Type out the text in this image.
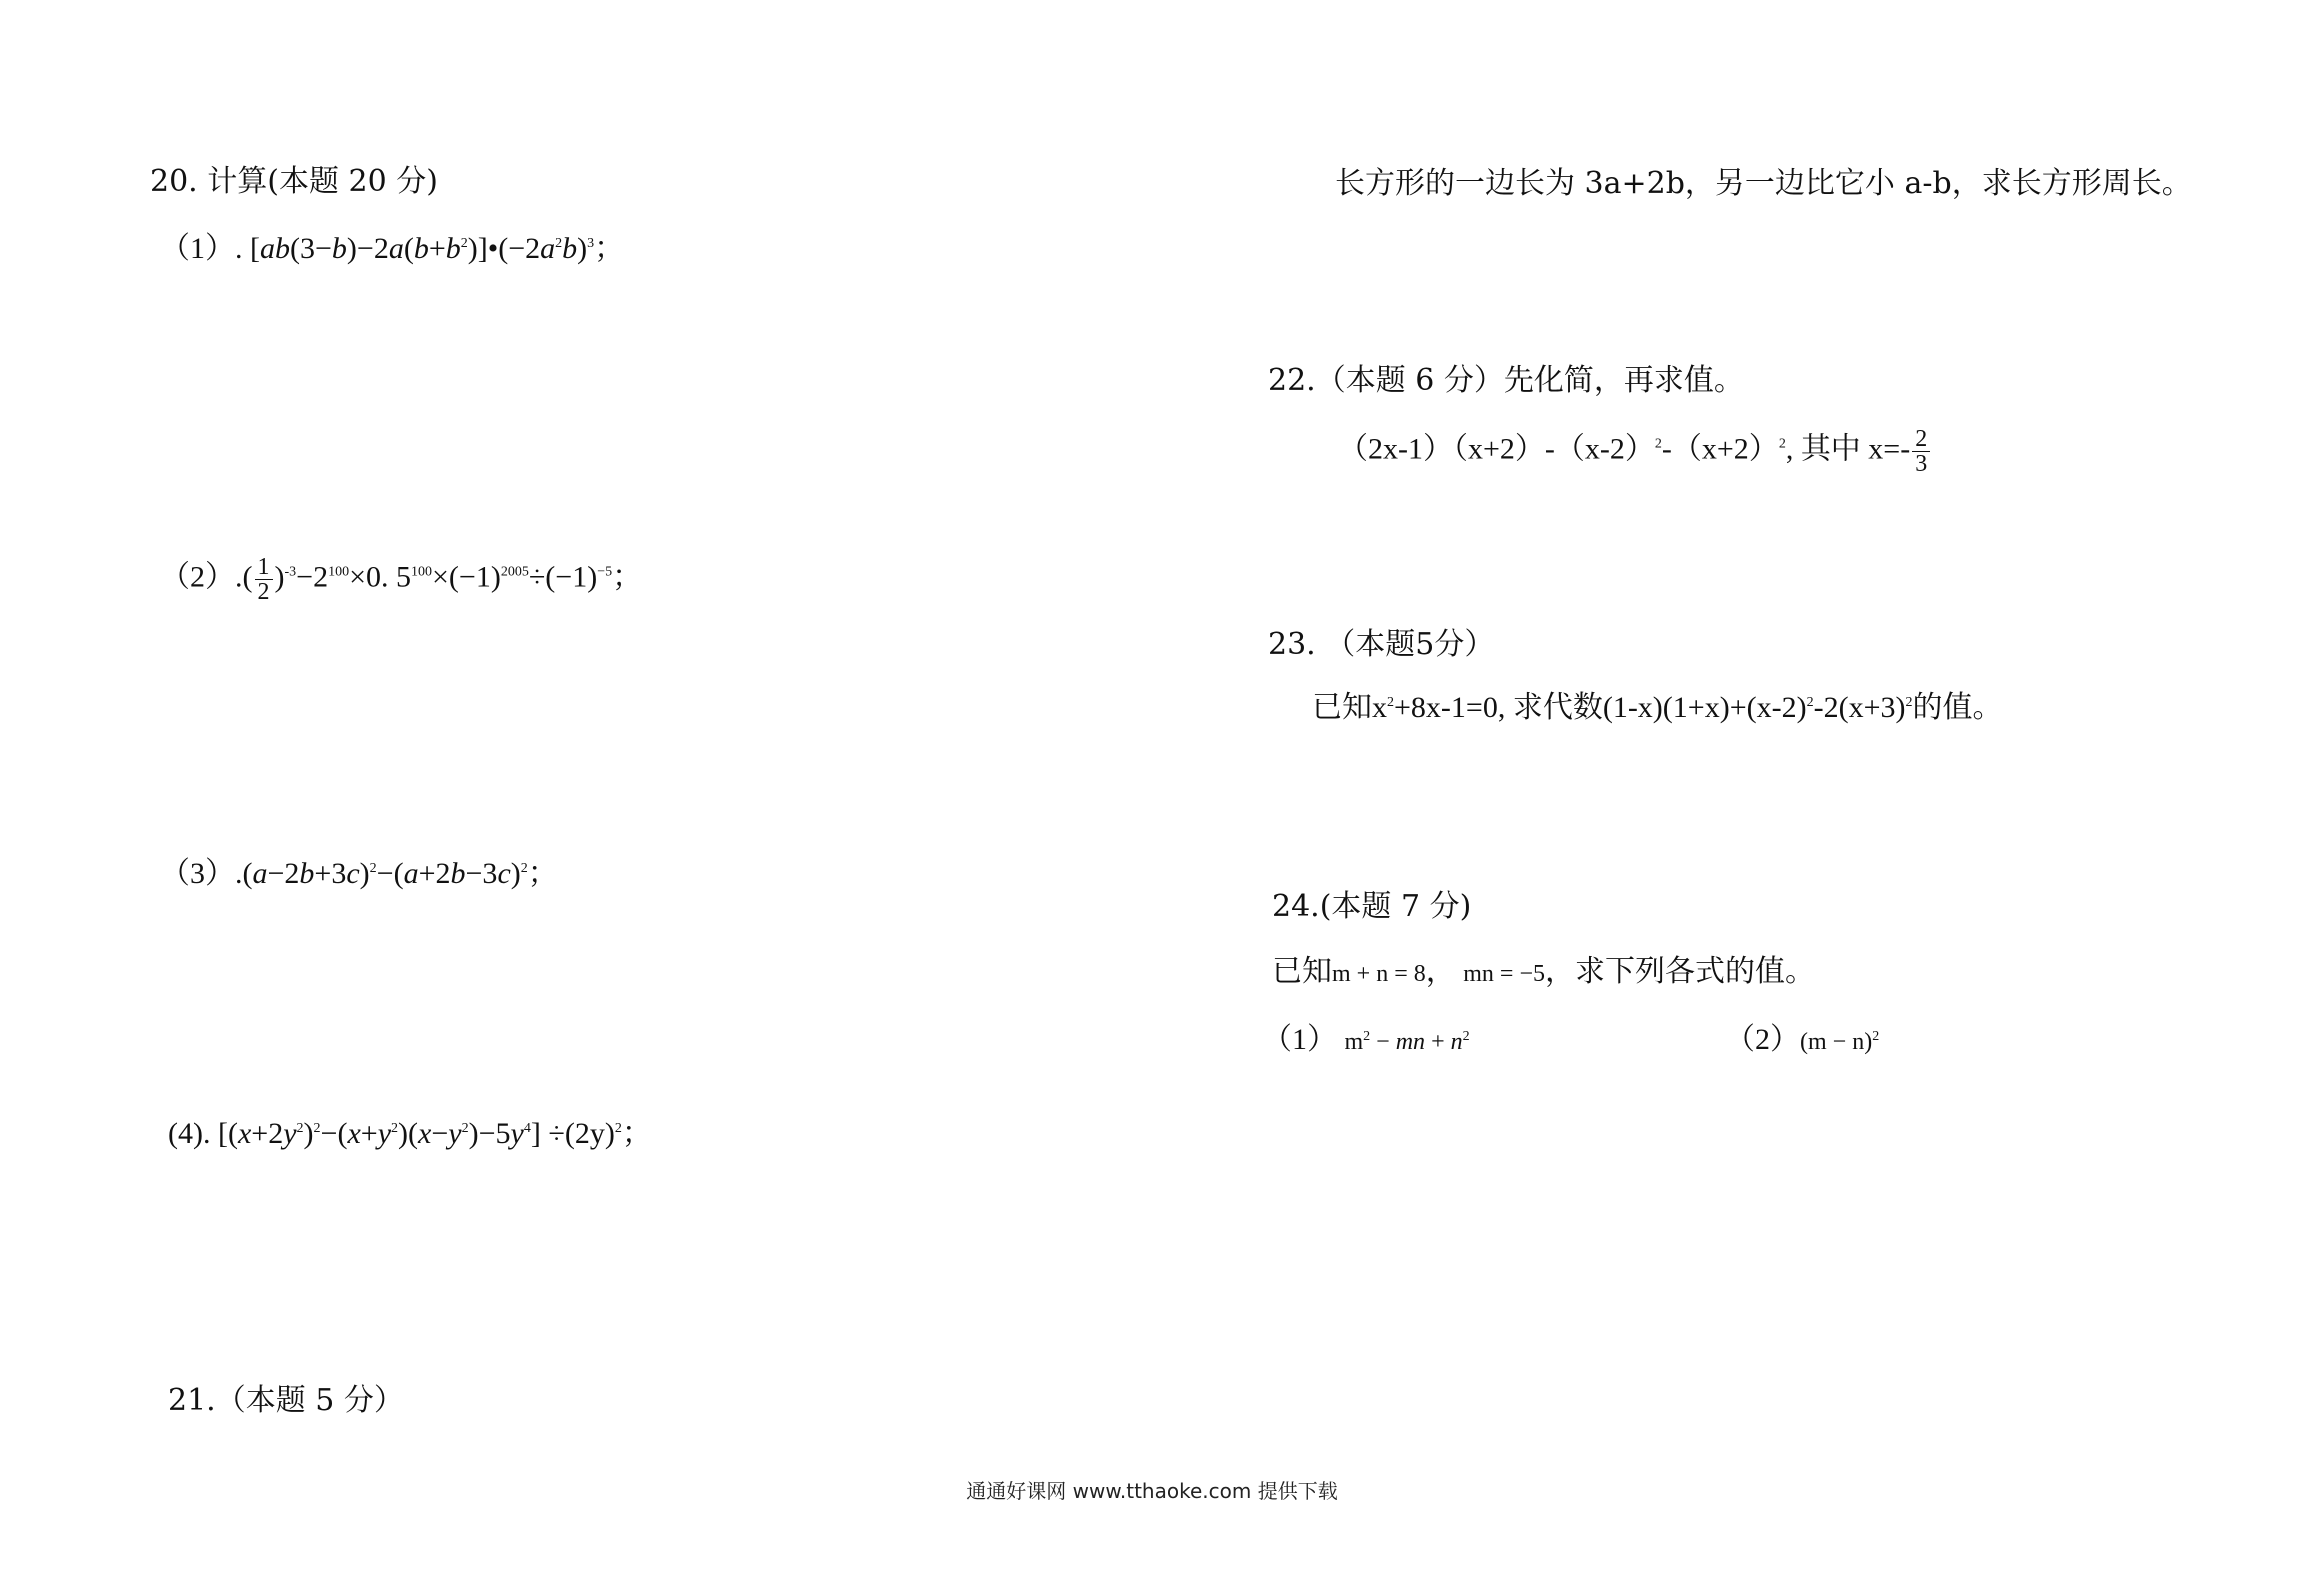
20. 计算(本题 20 分)
（1）. $[ab(3-b)-2a(b+b^2)]•(-2a^2b)^3$；
$(2).( \frac{1}{2} )^{-3}-2^{100}\times 0$. $5^{100}\times(-1)^{2005}\div(-1)^{-5}$；
$(3).(a-2b+3c)^2-(a+2b-3c)^2$；
(4). $[(x+2y^2)^2-(x+y^2)(x-y^2)-5y^4] \div(2y)^2$；
21.（本题 5 分）
长方形的一边长为 3a+2b，另一边比它小 a-b，求长方形周长。
22.（本题 6 分）先化简，再求值。
$(2x-1)(x+2)-(x-2)^2-(x+2)^2$, 其中 $x=- \frac{2}{3}$
23. （本题5分）
已知$x^2+8x-1=0$, 求代数$(1-x)(1+x)+(x-2)^2-2(x+3)^2$的值。
24.(本题 7 分)
已知m + n = 8， mn = −5，求下列各式的值。
（1） $m^2$ − mn + $n^2$	$(2)(m - n)^2$
通通好课网 www.tthaoke.com 提供下载
